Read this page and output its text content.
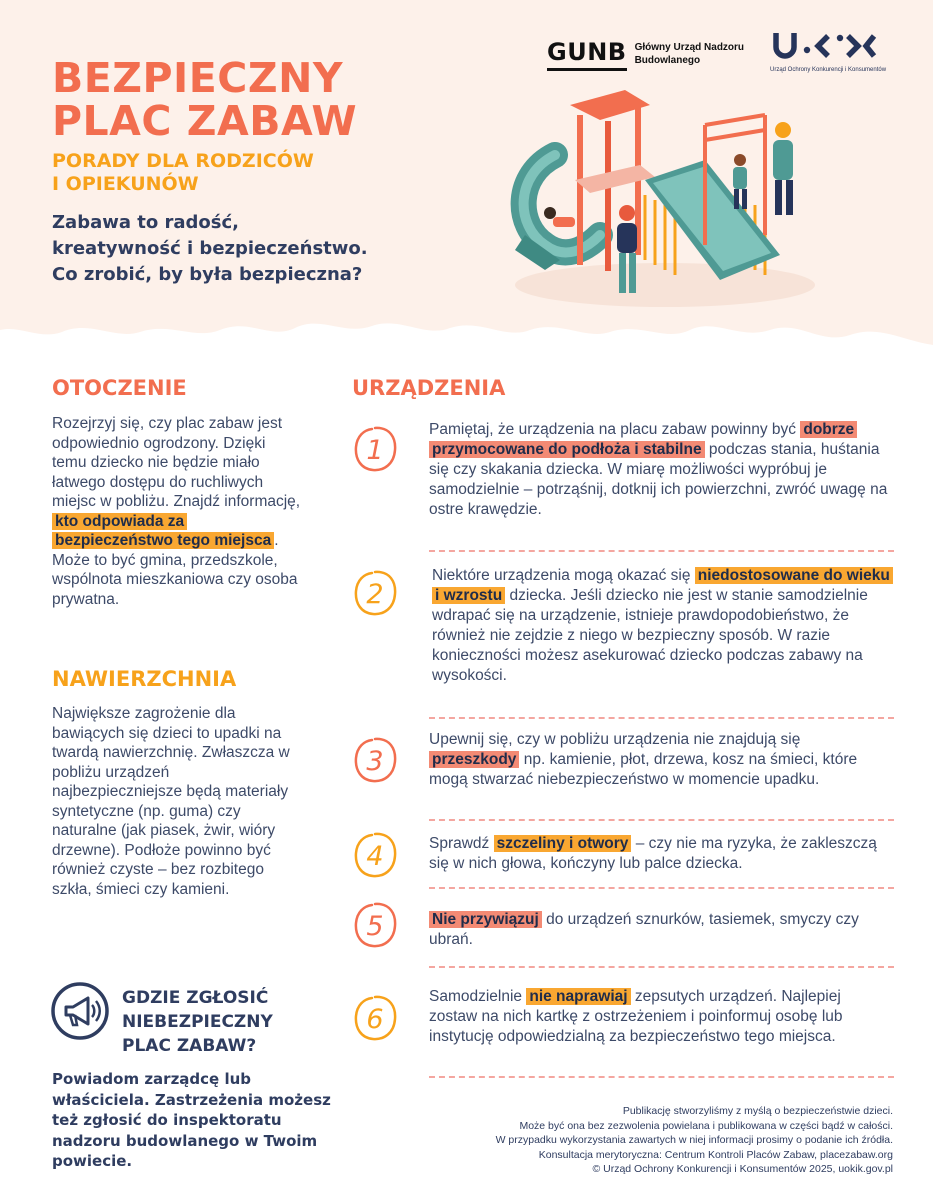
BEZPIECZNY
PLAC ZABAW

PORADY DLA RODZICÓW
I OPIEKUNÓW

Zabawa to radość,
kreatywność i bezpieczeństwo.
Co zrobić, by była bezpieczna?

GUNB Główny Urząd Nadzoru Budowlanego
Urząd Ochrony Konkurencji i Konsumentów
OTOCZENIE

Rozejrzyj się, czy plac zabaw jest odpowiednio ogrodzony. Dzięki temu dziecko nie będzie miało łatwego dostępu do ruchliwych miejsc w pobliżu. Znajdź informację, kto odpowiada za bezpieczeństwo tego miejsca . Może to być gmina, przedszkole, wspólnota mieszkaniowa czy osoba prywatna.

NAWIERZCHNIA

Największe zagrożenie dla bawiących się dzieci to upadki na twardą nawierzchnię. Zwłaszcza w pobliżu urządzeń najbezpieczniejsze będą materiały syntetyczne (np. guma) czy naturalne (jak piasek, żwir, wióry drzewne). Podłoże powinno być również czyste – bez rozbitego szkła, śmieci czy kamieni.

GDZIE ZGŁOSIĆ
NIEBEZPIECZNY
PLAC ZABAW?

Powiadom zarządcę lub właściciela. Zastrzeżenia możesz też zgłosić do inspektoratu nadzoru budowlanego w Twoim powiecie.

URZĄDZENIA
1

Pamiętaj, że urządzenia na placu zabaw powinny być dobrze przymocowane do podłoża i stabilne podczas stania, huśtania się czy skakania dziecka. W miarę możliwości wypróbuj je samodzielnie – potrząśnij, dotknij ich powierzchni, zwróć uwagę na ostre krawędzie.

2

Niektóre urządzenia mogą okazać się niedostosowane do wieku i wzrostu dziecka. Jeśli dziecko nie jest w stanie samodzielnie wdrapać się na urządzenie, istnieje prawdopodobieństwo, że również nie zejdzie z niego w bezpieczny sposób. W razie konieczności możesz asekurować dziecko podczas zabawy na wysokości.

3

Upewnij się, czy w pobliżu urządzenia nie znajdują się przeszkody np. kamienie, płot, drzewa, kosz na śmieci, które mogą stwarzać niebezpieczeństwo w momencie upadku.

4	Sprawdź szczeliny i otwory – czy nie ma ryzyka, że zakleszczą się w nich głowa, kończyny lub palce dziecka.

5	Nie przywiązuj do urządzeń sznurków, tasiemek, smyczy czy ubrań.

6

Samodzielnie nie naprawiaj zepsutych urządzeń. Najlepiej zostaw na nich kartkę z ostrzeżeniem i poinformuj osobę lub instytucję odpowiedzialną za bezpieczeństwo tego miejsca.

Publikację stworzyliśmy z myślą o bezpieczeństwie dzieci.
Może być ona bez zezwolenia powielana i publikowana w części bądź w całości.
W przypadku wykorzystania zawartych w niej informacji prosimy o podanie ich źródła.
Konsultacja merytoryczna: Centrum Kontroli Placów Zabaw, placezabaw.org
© Urząd Ochrony Konkurencji i Konsumentów 2025, uokik.gov.pl
